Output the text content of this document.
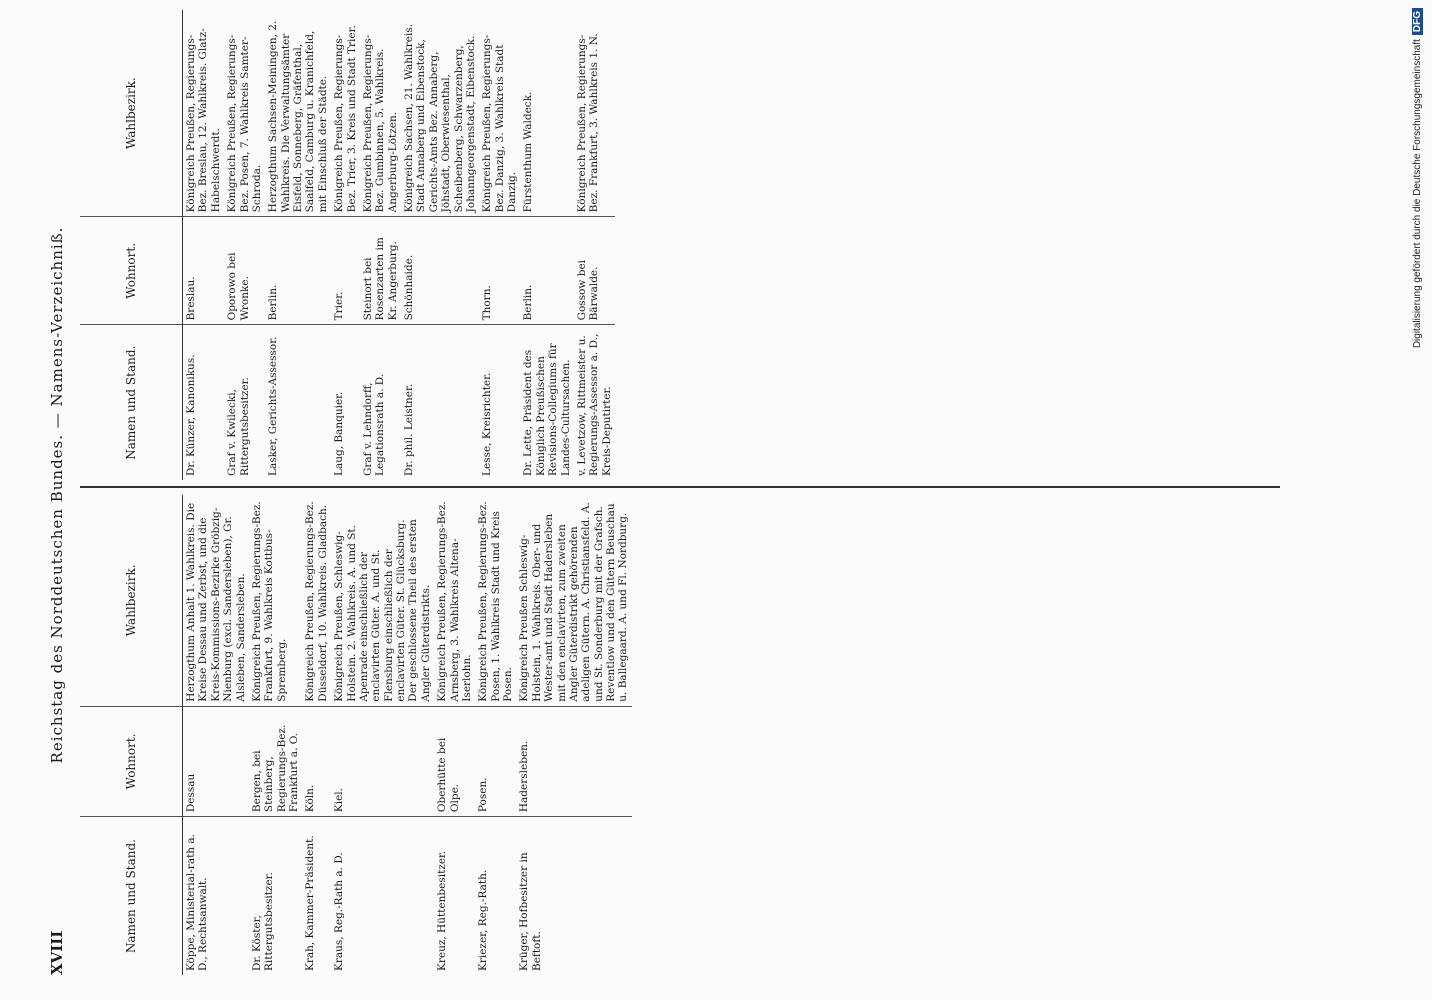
XVIII
Reichstag des Norddeutschen Bundes. — Namens-Verzeichniß.
Namen und Stand.	Wohnort.	Wahlbezirk.
Köppe, Ministerial-rath a. D., Rechtsanwalt.	Dessau	Herzogthum Anhalt 1. Wahlkreis. Die Kreise Dessau und Zerbst, und die Kreis-Kommissions-Bezirke Gröbzig-Nienburg (excl. Sandersleben), Gr. Alsleben, Sandersleben.
Dr. Köster, Rittergutsbesitzer.	Bergen, bei Steinberg, Regierungs-Bez. Frankfurt a. O.	Königreich Preußen, Regierungs-Bez. Frankfurt, 9. Wahlkreis Kottbus-Spremberg.
Krah, Kammer-Präsident.	Köln.	Königreich Preußen, Regierungs-Bez. Düsseldorf, 10. Wahlkreis. Gladbach.
Kraus, Reg.-Rath a. D.	Kiel.	Königreich Preußen, Schleswig-Holstein. 2. Wahlkreis. A. und St. Apenrade einschließlich der enclavirten Güter. A. und St. Flensburg einschließlich der enclavirten Güter. St. Glücksburg. Der geschlossene Theil des ersten Angler Güterdistrikts.
Kreuz, Hüttenbesitzer.	Oberhütte bei Olpe.	Königreich Preußen, Regierungs-Bez. Arnsberg, 3. Wahlkreis Altena-Iserlohn.
Kriezer, Reg.-Rath.	Posen.	Königreich Preußen, Regierungs-Bez. Posen, 1. Wahlkreis Stadt und Kreis Posen.
Krüger, Hofbesitzer in Beftoft.	Hadersleben.	Königreich Preußen Schleswig-Holstein, 1. Wahlkreis. Ober- und Wester-amt und Stadt Hadersleben mit den enclavirten, zum zweiten Angler Güterdistrikt gehörenden adeligen Gütern. A. Christiansfeld. A. und St. Sonderburg mit der Grafsch. Reventlow und den Gütern Beuschau u. Ballegaard. A. und Fl. Nordburg.
Namen und Stand.	Wohnort.	Wahlbezirk.
Dr. Künzer, Kanonikus.	Breslau.	Königreich Preußen, Regierungs-Bez. Breslau, 12. Wahlkreis. Glatz-Habelschwerdt.
Graf v. Kwilecki, Rittergutsbesitzer.	Oporowo bei Wronke.	Königreich Preußen, Regierungs-Bez. Posen, 7. Wahlkreis Samter-Schroda.
Lasker, Gerichts-Assessor.	Berlin.	Herzogthum Sachsen-Meiningen, 2. Wahlkreis. Die Verwaltungsämter Eisfeld, Sonneberg, Gräfenthal, Saalfeld, Camburg u. Kranichfeld, mit Einschluß der Städte.
Laug, Banquier.	Trier.	Königreich Preußen, Regierungs-Bez. Trier, 3. Kreis und Stadt Trier.
Graf v. Lehndorff, Legationsrath a. D.	Steinort bei Rosenzarten im Kr. Angerburg.	Königreich Preußen, Regierungs-Bez. Gumbinnen, 5. Wahlkreis. Angerburg-Lötzen.
Dr. phil. Leistner.	Schönhaide.	Königreich Sachsen, 21. Wahlkreis. Stadt Annaberg und Eibenstock, Gerichts-Amts Bez. Annaberg, Jöhstadt, Oberwiesenthal, Scheibenberg, Schwarzenberg, Johanngeorgenstadt, Eibenstock.
Lesse, Kreisrichter.	Thorn.	Königreich Preußen, Regierungs-Bez. Danzig, 3. Wahlkreis Stadt Danzig.
Dr. Lette, Präsident des Königlich Preußischen Revisions-Collegiums für Landes-Cultursachen.	Berlin.	Fürstenthum Waldeck.
v. Levetzow, Rittmeister u. Regierungs-Assessor a. D., Kreis-Deputirter.	Gossow bei Bärwalde.	Königreich Preußen, Regierungs-Bez. Frankfurt, 3. Wahlkreis 1. N.	Digitalisierung gefördert durch die Deutsche ForschungsgemeinschaftDFG
